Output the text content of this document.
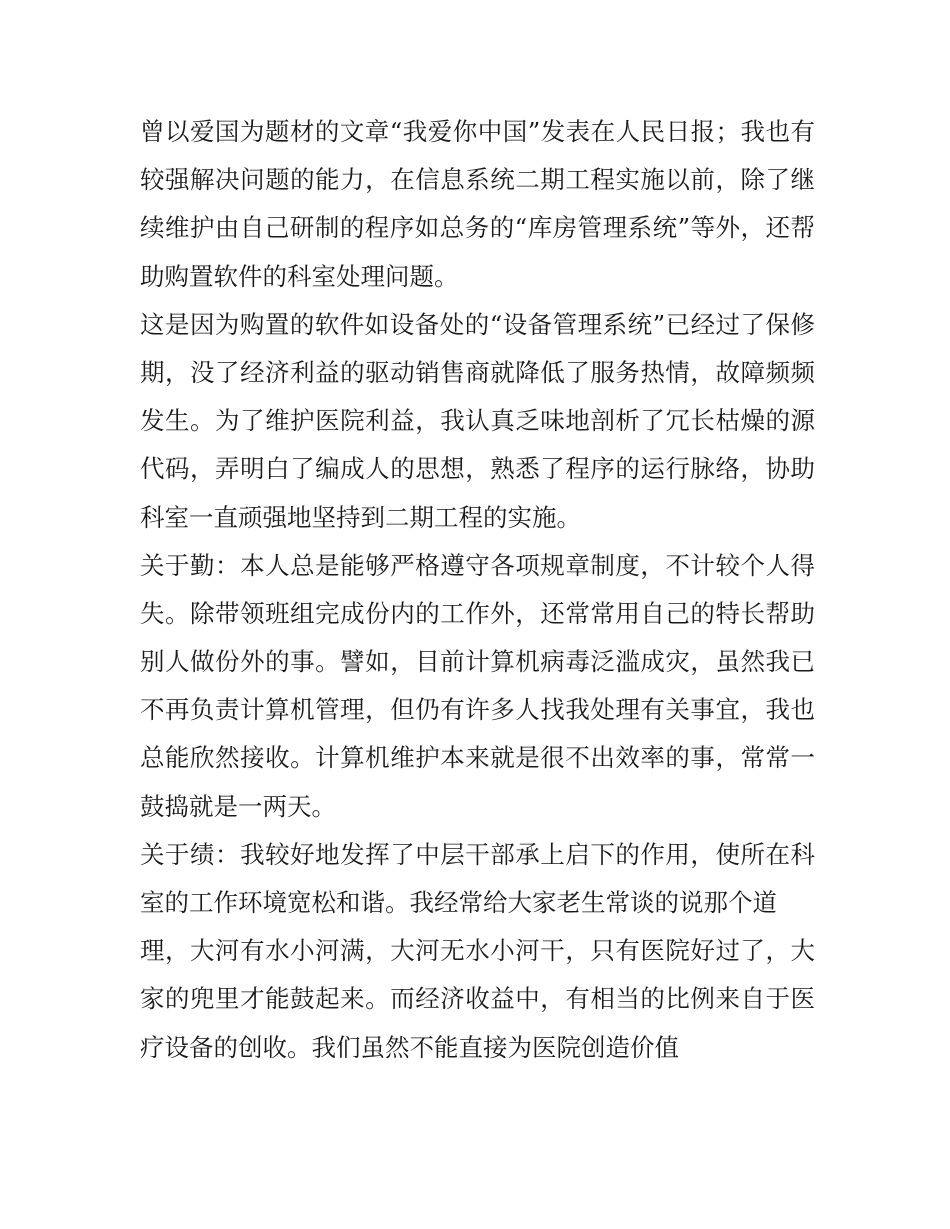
曾以爱国为题材的文章“我爱你中国”发表在人民日报；我也有
较强解决问题的能力，在信息系统二期工程实施以前，除了继
续维护由自己研制的程序如总务的“库房管理系统”等外，还帮
助购置软件的科室处理问题。
这是因为购置的软件如设备处的“设备管理系统”已经过了保修
期，没了经济利益的驱动销售商就降低了服务热情，故障频频
发生。为了维护医院利益，我认真乏味地剖析了冗长枯燥的源
代码，弄明白了编成人的思想，熟悉了程序的运行脉络，协助
科室一直顽强地坚持到二期工程的实施。
关于勤：本人总是能够严格遵守各项规章制度，不计较个人得
失。除带领班组完成份内的工作外，还常常用自己的特长帮助
别人做份外的事。譬如，目前计算机病毒泛滥成灾，虽然我已
不再负责计算机管理，但仍有许多人找我处理有关事宜，我也
总能欣然接收。计算机维护本来就是很不出效率的事，常常一
鼓捣就是一两天。
关于绩：我较好地发挥了中层干部承上启下的作用，使所在科
室的工作环境宽松和谐。我经常给大家老生常谈的说那个道
理，大河有水小河满，大河无水小河干，只有医院好过了，大
家的兜里才能鼓起来。而经济收益中，有相当的比例来自于医
疗设备的创收。我们虽然不能直接为医院创造价值
